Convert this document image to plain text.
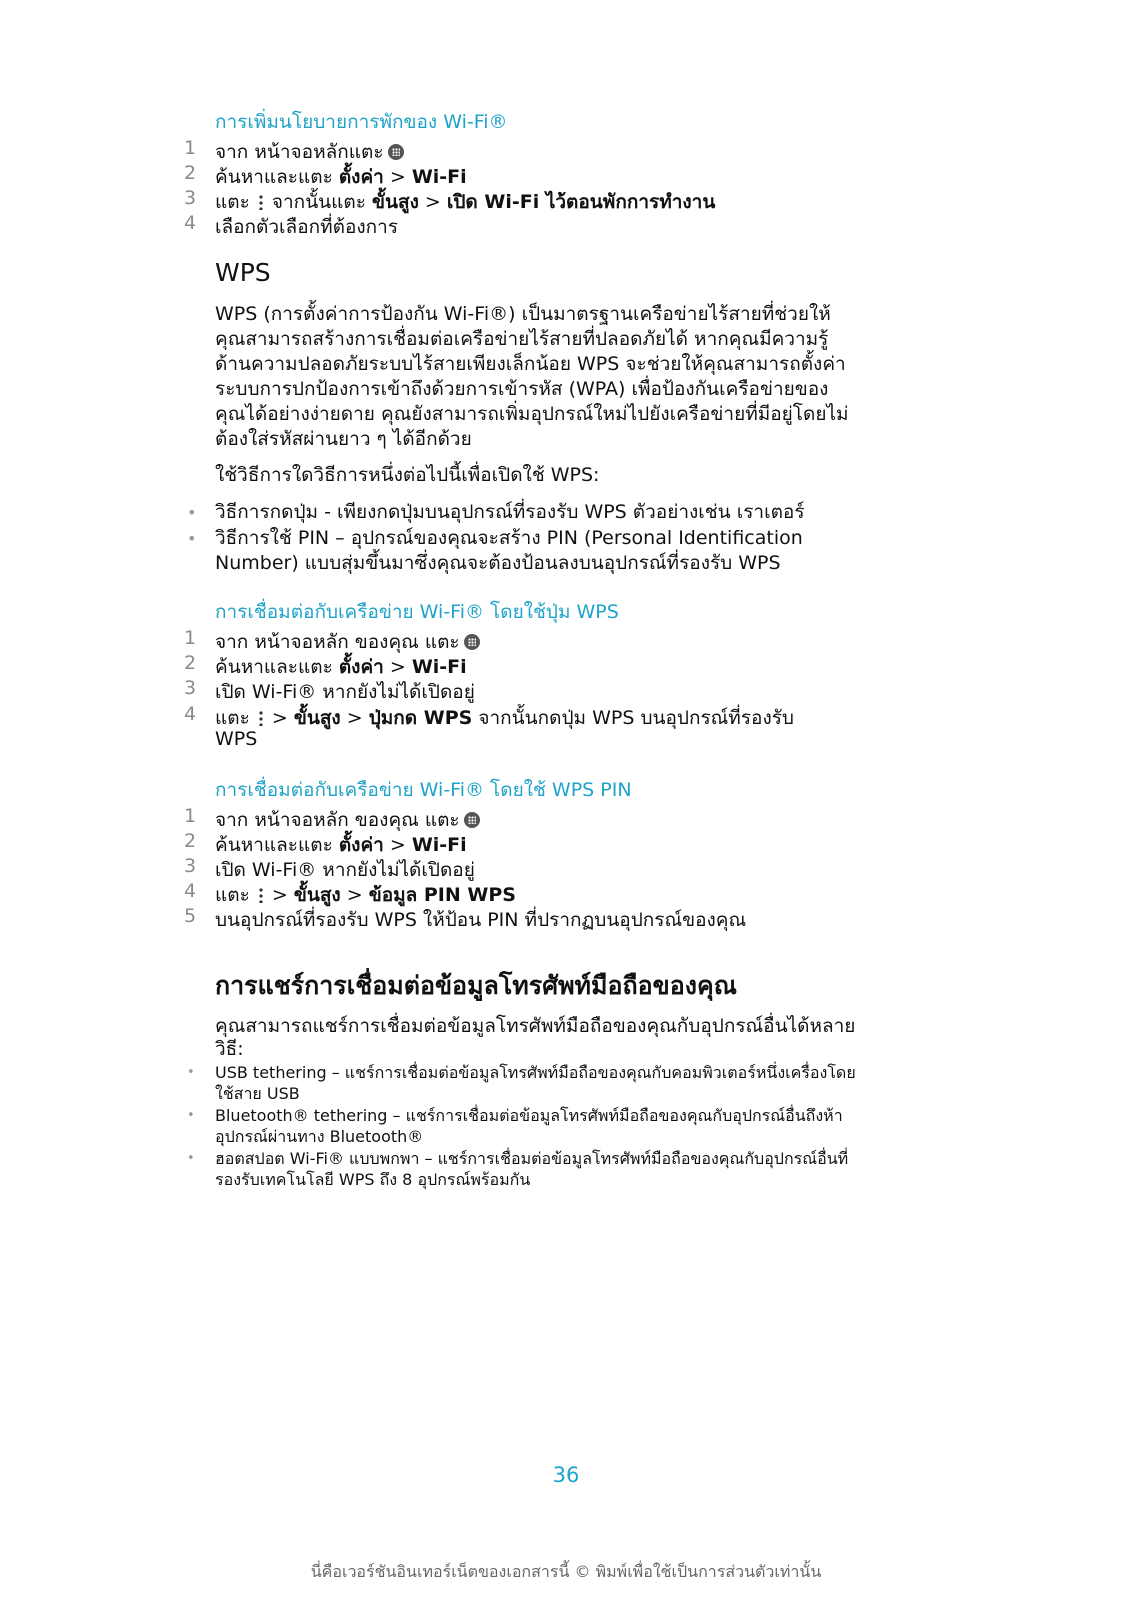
การเพิ่มนโยบายการพักของ Wi-Fi®
1 จาก หน้าจอหลักแตะ
2 ค้นหาและแตะ ตั้งค่า > Wi-Fi
3 แตะ  จากนั้นแตะ ขั้นสูง > เปิด Wi-Fi ไว้ตอนพักการทำงาน
4 เลือกตัวเลือกที่ต้องการ
WPS
WPS (การตั้งค่าการป้องกัน Wi-Fi®) เป็นมาตรฐานเครือข่ายไร้สายที่ช่วยให้
คุณสามารถสร้างการเชื่อมต่อเครือข่ายไร้สายที่ปลอดภัยได้ หากคุณมีความรู้
ด้านความปลอดภัยระบบไร้สายเพียงเล็กน้อย WPS จะช่วยให้คุณสามารถตั้งค่า
ระบบการปกป้องการเข้าถึงด้วยการเข้ารหัส (WPA) เพื่อป้องกันเครือข่ายของ
คุณได้อย่างง่ายดาย คุณยังสามารถเพิ่มอุปกรณ์ใหม่ไปยังเครือข่ายที่มีอยู่โดยไม่
ต้องใส่รหัสผ่านยาว ๆ ได้อีกด้วย
ใช้วิธีการใดวิธีการหนึ่งต่อไปนี้เพื่อเปิดใช้ WPS:
• วิธีการกดปุ่ม - เพียงกดปุ่มบนอุปกรณ์ที่รองรับ WPS ตัวอย่างเช่น เราเตอร์
• วิธีการใช้ PIN – อุปกรณ์ของคุณจะสร้าง PIN (Personal Identification
Number) แบบสุ่มขึ้นมาซึ่งคุณจะต้องป้อนลงบนอุปกรณ์ที่รองรับ WPS
การเชื่อมต่อกับเครือข่าย Wi-Fi® โดยใช้ปุ่ม WPS
1 จาก หน้าจอหลัก ของคุณ แตะ
2 ค้นหาและแตะ ตั้งค่า > Wi-Fi
3 เปิด Wi-Fi® หากยังไม่ได้เปิดอยู่
4 แตะ  > ขั้นสูง > ปุ่มกด WPS จากนั้นกดปุ่ม WPS บนอุปกรณ์ที่รองรับ
WPS
การเชื่อมต่อกับเครือข่าย Wi-Fi® โดยใช้ WPS PIN
1 จาก หน้าจอหลัก ของคุณ แตะ
2 ค้นหาและแตะ ตั้งค่า > Wi-Fi
3 เปิด Wi-Fi® หากยังไม่ได้เปิดอยู่
4 แตะ  > ขั้นสูง > ข้อมูล PIN WPS
5 บนอุปกรณ์ที่รองรับ WPS ให้ป้อน PIN ที่ปรากฏบนอุปกรณ์ของคุณ
การแชร์การเชื่อมต่อข้อมูลโทรศัพท์มือถือของคุณ
คุณสามารถแชร์การเชื่อมต่อข้อมูลโทรศัพท์มือถือของคุณกับอุปกรณ์อื่นได้หลาย
วิธี:
• USB tethering – แชร์การเชื่อมต่อข้อมูลโทรศัพท์มือถือของคุณกับคอมพิวเตอร์หนึ่งเครื่องโดย
ใช้สาย USB
• Bluetooth® tethering – แชร์การเชื่อมต่อข้อมูลโทรศัพท์มือถือของคุณกับอุปกรณ์อื่นถึงห้า
อุปกรณ์ผ่านทาง Bluetooth®
• ฮอตสปอต Wi-Fi® แบบพกพา – แชร์การเชื่อมต่อข้อมูลโทรศัพท์มือถือของคุณกับอุปกรณ์อื่นที่
รองรับเทคโนโลยี WPS ถึง 8 อุปกรณ์พร้อมกัน
36
นี่คือเวอร์ชันอินเทอร์เน็ตของเอกสารนี้ © พิมพ์เพื่อใช้เป็นการส่วนตัวเท่านั้น
